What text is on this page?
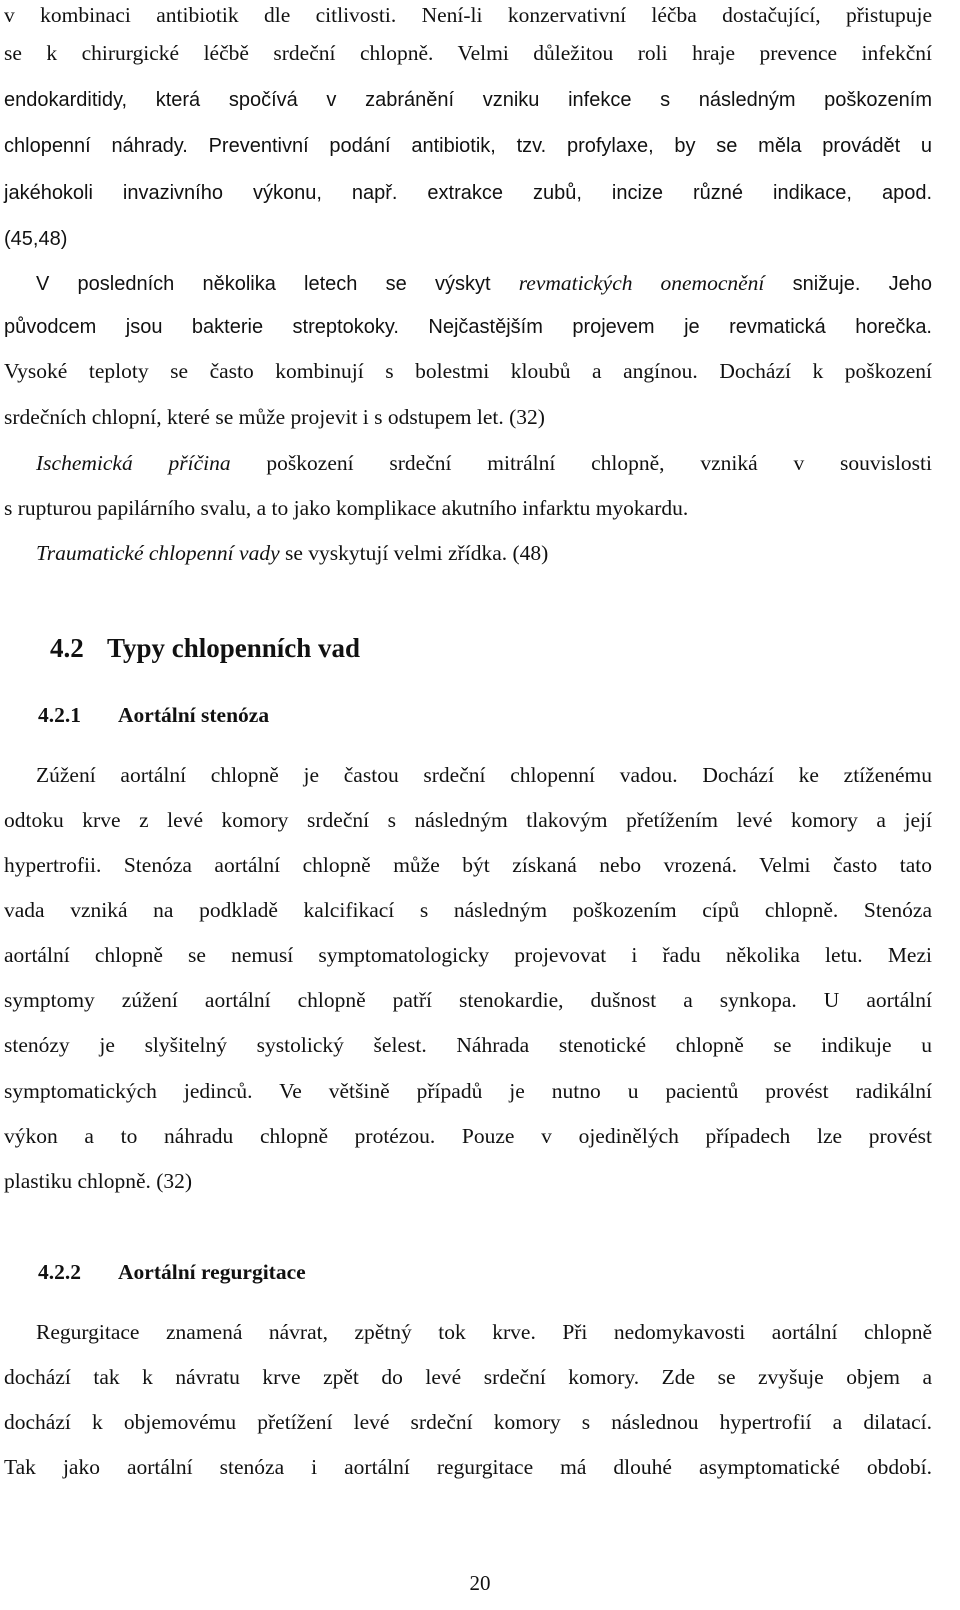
v kombinaci antibiotik dle citlivosti. Není-li konzervativní léčba dostačující, přistupuje
se k chirurgické léčbě srdeční chlopně. Velmi důležitou roli hraje prevence infekční
endokarditidy, která spočívá v zabránění vzniku infekce s následným poškozením
chlopenní náhrady. Preventivní podání antibiotik, tzv. profylaxe, by se měla provádět u
jakéhokoli invazivního výkonu, např. extrakce zubů, incize různé indikace, apod.
(45,48)
V posledních několika letech se výskyt revmatických onemocnění snižuje. Jeho
původcem jsou bakterie streptokoky. Nejčastějším projevem je revmatická horečka.
Vysoké teploty se často kombinují s bolestmi kloubů a angínou. Dochází k poškození
srdečních chlopní, které se může projevit i s odstupem let. (32)
Ischemická příčina poškození srdeční mitrální chlopně, vzniká v souvislosti
s rupturou papilárního svalu, a to jako komplikace akutního infarktu myokardu.
Traumatické chlopenní vady se vyskytují velmi zřídka. (48)
4.2 Typy chlopenních vad
4.2.1 Aortální stenóza
Zúžení aortální chlopně je častou srdeční chlopenní vadou. Dochází ke ztíženému
odtoku krve z levé komory srdeční s následným tlakovým přetížením levé komory a její
hypertrofii. Stenóza aortální chlopně může být získaná nebo vrozená. Velmi často tato
vada vzniká na podkladě kalcifikací s následným poškozením cípů chlopně. Stenóza
aortální chlopně se nemusí symptomatologicky projevovat i řadu několika letu. Mezi
symptomy zúžení aortální chlopně patří stenokardie, dušnost a synkopa. U aortální
stenózy je slyšitelný systolický šelest. Náhrada stenotické chlopně se indikuje u
symptomatických jedinců. Ve většině případů je nutno u pacientů provést radikální
výkon a to náhradu chlopně protézou. Pouze v ojedinělých případech lze provést
plastiku chlopně. (32)
4.2.2 Aortální regurgitace
Regurgitace znamená návrat, zpětný tok krve. Při nedomykavosti aortální chlopně
dochází tak k návratu krve zpět do levé srdeční komory. Zde se zvyšuje objem a
dochází k objemovému přetížení levé srdeční komory s následnou hypertrofií a dilatací.
Tak jako aortální stenóza i aortální regurgitace má dlouhé asymptomatické období.
20
